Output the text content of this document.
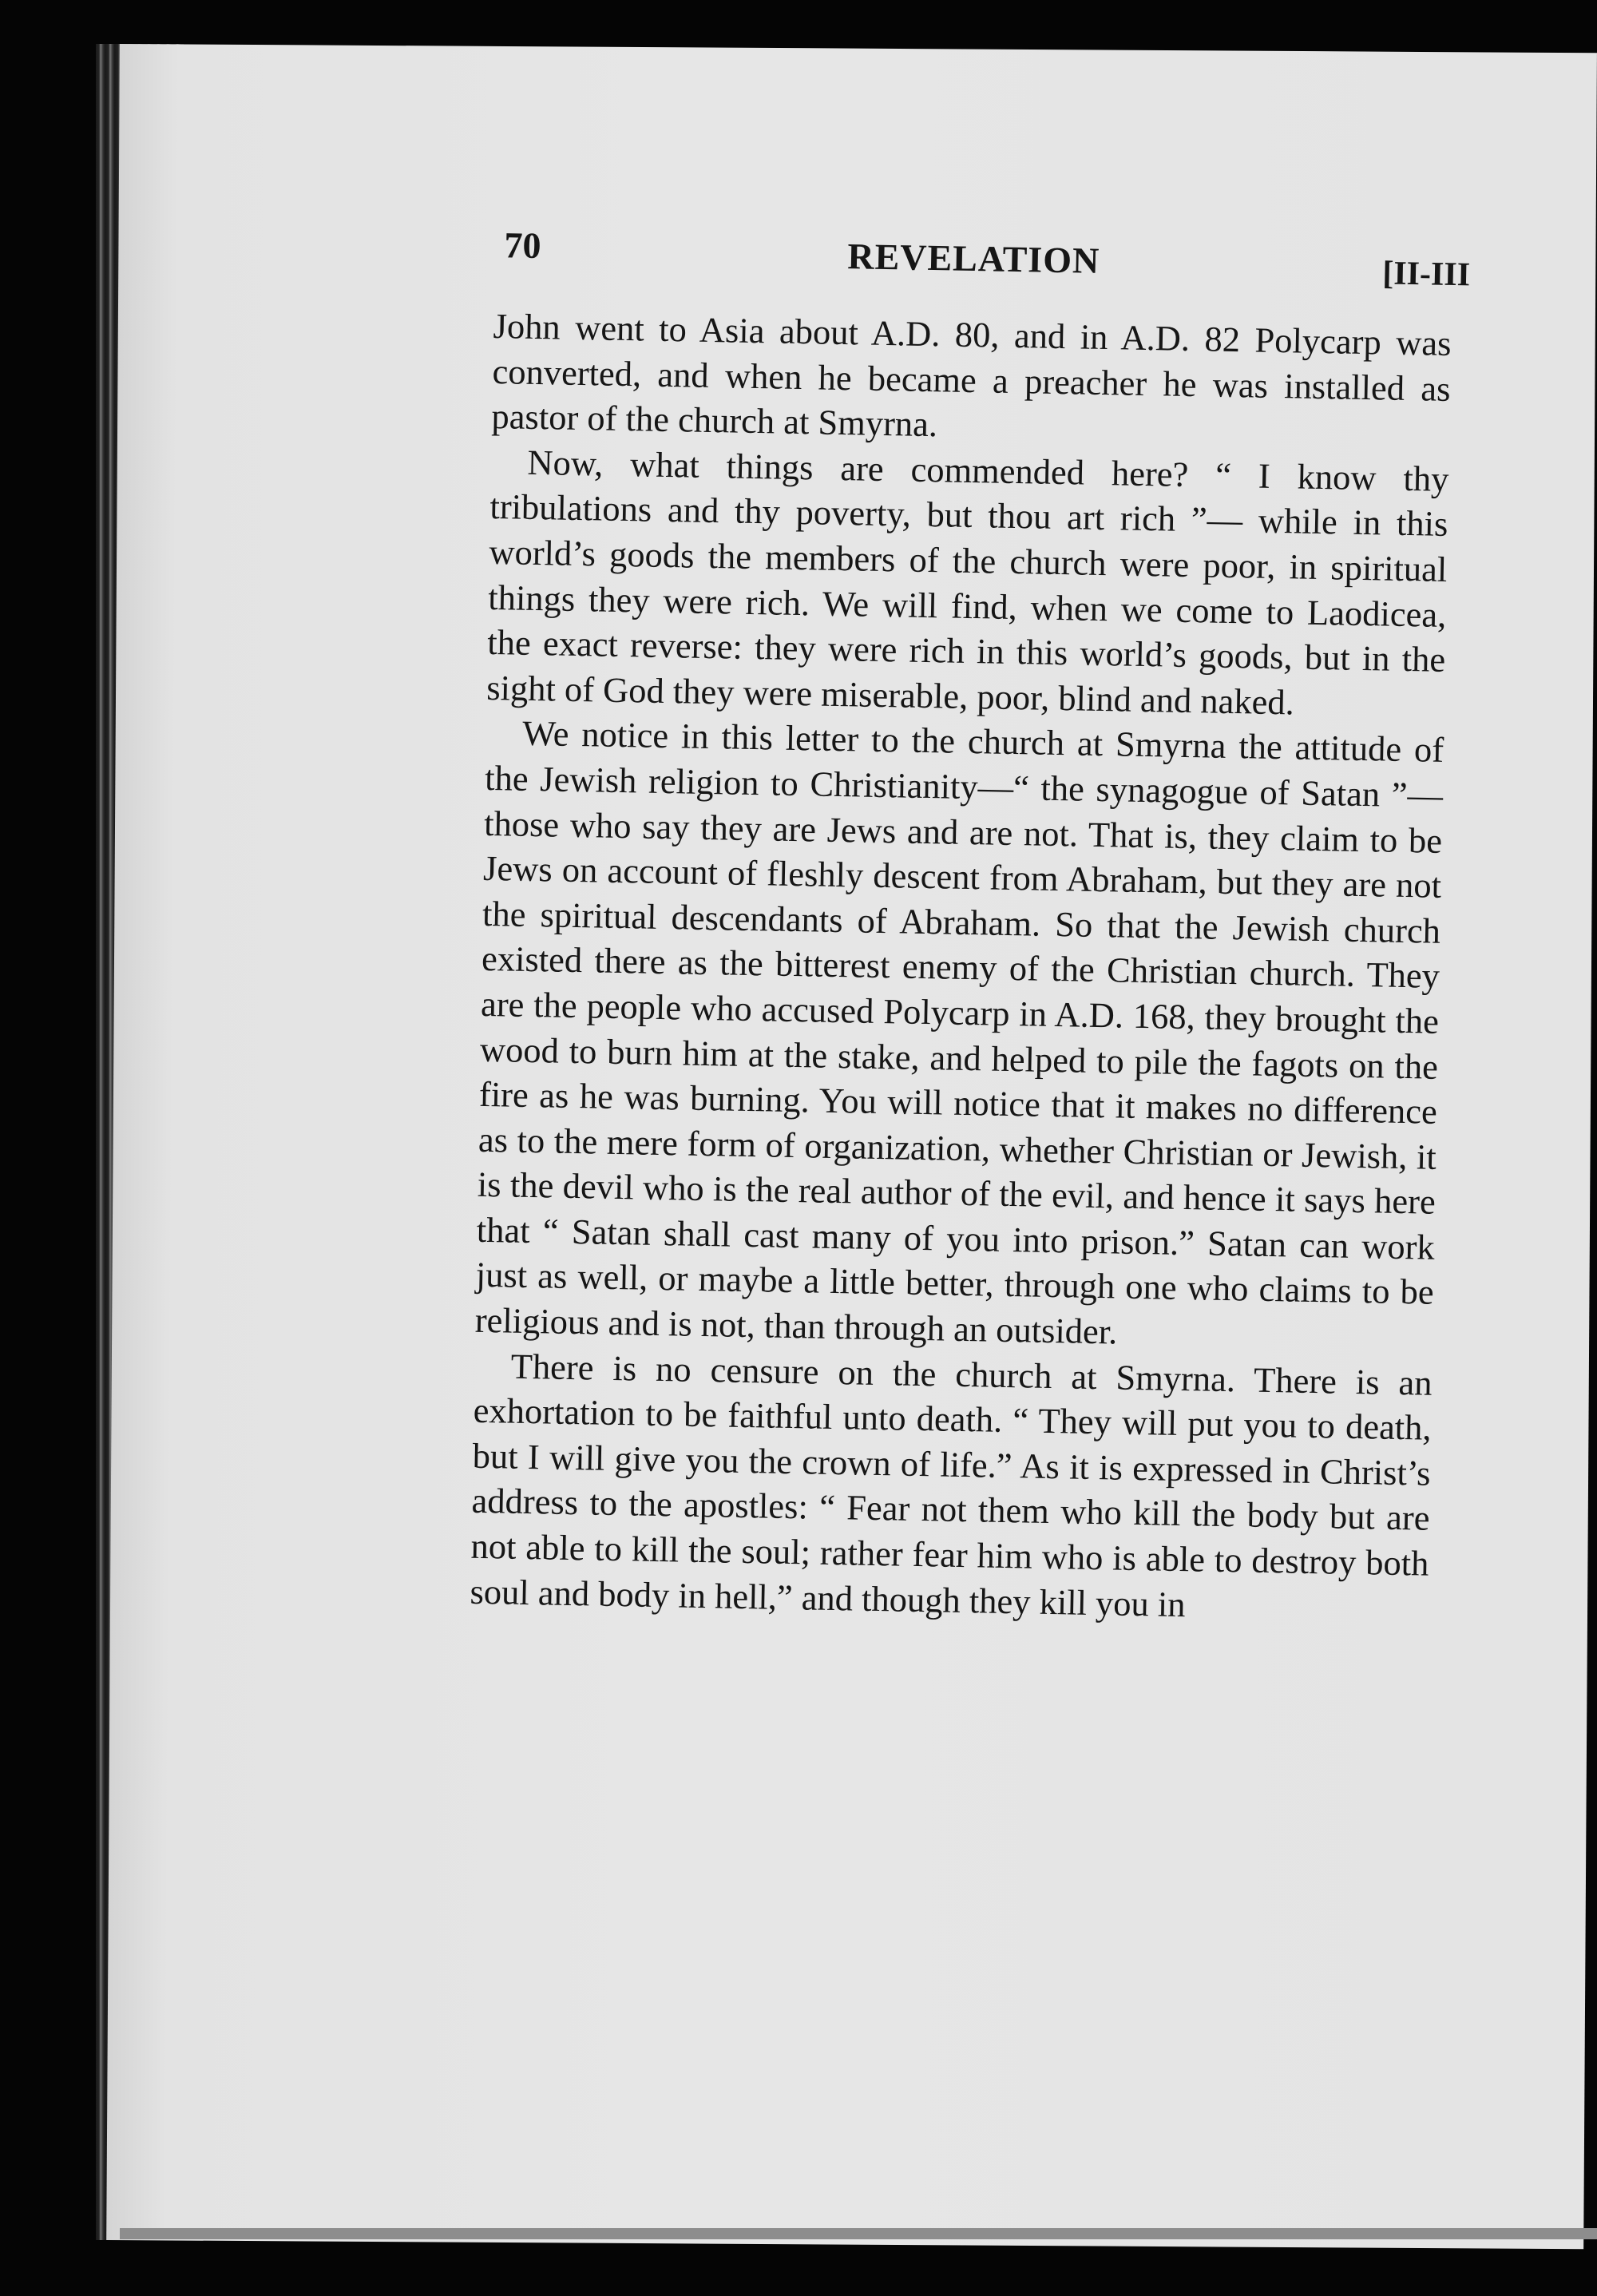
70	REVELATION	[II-III

John went to Asia about A.D. 80, and in A.D. 82 Polycarp was converted, and when he became a preacher he was installed as pastor of the church at Smyrna.

Now, what things are commended here? “ I know thy tribulations and thy poverty, but thou art rich ”— while in this world’s goods the members of the church were poor, in spiritual things they were rich. We will find, when we come to Laodicea, the exact reverse: they were rich in this world’s goods, but in the sight of God they were miserable, poor, blind and naked.

We notice in this letter to the church at Smyrna the attitude of the Jewish religion to Christianity—“ the synagogue of Satan ”—those who say they are Jews and are not. That is, they claim to be Jews on account of fleshly descent from Abraham, but they are not the spiritual descendants of Abraham. So that the Jewish church existed there as the bitterest enemy of the Christian church. They are the people who accused Polycarp in A.D. 168, they brought the wood to burn him at the stake, and helped to pile the fagots on the fire as he was burning. You will notice that it makes no difference as to the mere form of organization, whether Christian or Jewish, it is the devil who is the real author of the evil, and hence it says here that “ Satan shall cast many of you into prison.” Satan can work just as well, or maybe a little better, through one who claims to be religious and is not, than through an outsider.

There is no censure on the church at Smyrna. There is an exhortation to be faithful unto death. “ They will put you to death, but I will give you the crown of life.” As it is expressed in Christ’s address to the apostles: “ Fear not them who kill the body but are not able to kill the soul; rather fear him who is able to destroy both soul and body in hell,” and though they kill you in
